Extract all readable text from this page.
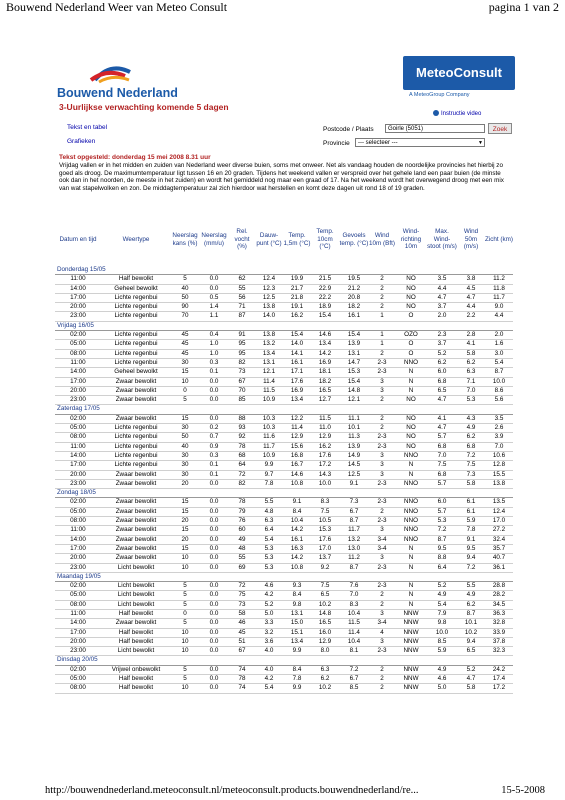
Bouwend Nederland Weer van Meteo Consult	pagina 1 van 2
Bouwend Nederland
MeteoConsult
A MeteoGroup Company
3-Uurlijkse verwachting komende 5 dagen
Tekst en tabel
Grafieken
Instructie video
Postcode / Plaats	Goirle (5051)	Zoek
Provincie	--- selecteer ---	▼
Tekst opgesteld: donderdag 15 mei 2008 8.31 uur
Vrijdag vallen er in het midden en zuiden van Nederland weer diverse buien, soms met onweer. Net als vandaag houden de noordelijke provincies het hierbij zo goed als droog. De maximumtemperatuur ligt tussen 16 en 20 graden. Tijdens het weekend vallen er verspreid over het gehele land een paar buien (de minste ook dan in het noorden, de meeste in het zuiden) en wordt het gemiddeld nog maar een graad of 17. Na het weekend wordt het overwegend droog met een mix van wat stapelwolken en zon. De middagtemperatuur zal zich hierdoor wat herstellen en komt deze dagen uit rond 18 of 19 graden.
Datum en tijd	Weertype	Neerslag kans (%)	Neerslag (mm/u)	Rel. vocht (%)	Dauw-punt (°C)	Temp. 1,5m (°C)	Temp. 10cm (°C)	Gevoels temp. (°C)	Wind 10m (Bft)	Wind-richting 10m	Max. Wind-stoot (m/s)	Wind 50m (m/s)	Zicht (km)
Donderdag 15/05													
11:00	Half bewolkt	5	0.0	62	12.4	19.9	21.5	19.5	2	NO	3.5	3.8	11.2
14:00	Geheel bewolkt	40	0.0	55	12.3	21.7	22.9	21.2	2	NO	4.4	4.5	11.8
17:00	Lichte regenbui	50	0.5	56	12.5	21.8	22.2	20.8	2	NO	4.7	4.7	11.7
20:00	Lichte regenbui	90	1.4	71	13.8	19.1	18.9	18.2	2	NO	3.7	4.4	9.0
23:00	Lichte regenbui	70	1.1	87	14.0	16.2	15.4	16.1	1	O	2.0	2.2	4.4
Vrijdag 16/05													
02:00	Lichte regenbui	45	0.4	91	13.8	15.4	14.6	15.4	1	OZO	2.3	2.8	2.0
05:00	Lichte regenbui	45	1.0	95	13.2	14.0	13.4	13.9	1	O	3.7	4.1	1.6
08:00	Lichte regenbui	45	1.0	95	13.4	14.1	14.2	13.1	2	O	5.2	5.8	3.0
11:00	Lichte regenbui	30	0.3	82	13.1	16.1	16.9	14.7	2-3	NNO	6.2	6.2	5.4
14:00	Geheel bewolkt	15	0.1	73	12.1	17.1	18.1	15.3	2-3	N	6.0	6.3	8.7
17:00	Zwaar bewolkt	10	0.0	67	11.4	17.6	18.2	15.4	3	N	6.8	7.1	10.0
20:00	Zwaar bewolkt	0	0.0	70	11.5	16.9	16.5	14.8	3	N	6.5	7.0	8.6
23:00	Zwaar bewolkt	5	0.0	85	10.9	13.4	12.7	12.1	2	NO	4.7	5.3	5.6
Zaterdag 17/05													
02:00	Zwaar bewolkt	15	0.0	88	10.3	12.2	11.5	11.1	2	NO	4.1	4.3	3.5
05:00	Lichte regenbui	30	0.2	93	10.3	11.4	11.0	10.1	2	NO	4.7	4.9	2.6
08:00	Lichte regenbui	50	0.7	92	11.6	12.9	12.9	11.3	2-3	NO	5.7	6.2	3.9
11:00	Lichte regenbui	40	0.9	78	11.7	15.6	16.2	13.9	2-3	NO	6.8	6.8	7.0
14:00	Lichte regenbui	30	0.3	68	10.9	16.8	17.6	14.9	3	NNO	7.0	7.2	10.6
17:00	Lichte regenbui	30	0.1	64	9.9	16.7	17.2	14.5	3	N	7.5	7.5	12.8
20:00	Zwaar bewolkt	30	0.1	72	9.7	14.6	14.3	12.5	3	N	6.8	7.3	15.5
23:00	Zwaar bewolkt	20	0.0	82	7.8	10.8	10.0	9.1	2-3	NNO	5.7	5.8	13.8
Zondag 18/05													
02:00	Zwaar bewolkt	15	0.0	78	5.5	9.1	8.3	7.3	2-3	NNO	6.0	6.1	13.5
05:00	Zwaar bewolkt	15	0.0	79	4.8	8.4	7.5	6.7	2	NNO	5.7	6.1	12.4
08:00	Zwaar bewolkt	20	0.0	76	6.3	10.4	10.5	8.7	2-3	NNO	5.3	5.9	17.0
11:00	Zwaar bewolkt	15	0.0	60	6.4	14.2	15.3	11.7	3	NNO	7.2	7.8	27.2
14:00	Zwaar bewolkt	20	0.0	49	5.4	16.1	17.6	13.2	3-4	NNO	8.7	9.1	32.4
17:00	Zwaar bewolkt	15	0.0	48	5.3	16.3	17.0	13.0	3-4	N	9.5	9.5	35.7
20:00	Zwaar bewolkt	10	0.0	55	5.3	14.2	13.7	11.2	3	N	8.8	9.4	40.7
23:00	Licht bewolkt	10	0.0	69	5.3	10.8	9.2	8.7	2-3	N	6.4	7.2	36.1
Maandag 19/05													
02:00	Licht bewolkt	5	0.0	72	4.6	9.3	7.5	7.6	2-3	N	5.2	5.5	28.8
05:00	Licht bewolkt	5	0.0	75	4.2	8.4	6.5	7.0	2	N	4.9	4.9	28.2
08:00	Licht bewolkt	5	0.0	73	5.2	9.8	10.2	8.3	2	N	5.4	6.2	34.5
11:00	Half bewolkt	0	0.0	58	5.0	13.1	14.8	10.4	3	NNW	7.9	8.7	36.3
14:00	Zwaar bewolkt	5	0.0	46	3.3	15.0	16.5	11.5	3-4	NNW	9.8	10.1	32.8
17:00	Half bewolkt	10	0.0	45	3.2	15.1	16.0	11.4	4	NNW	10.0	10.2	33.9
20:00	Half bewolkt	10	0.0	51	3.6	13.4	12.9	10.4	3	NNW	8.5	9.4	37.8
23:00	Licht bewolkt	10	0.0	67	4.0	9.9	8.0	8.1	2-3	NNW	5.9	6.5	32.3
Dinsdag 20/05													
02:00	Vrijwel onbewolkt	5	0.0	74	4.0	8.4	6.3	7.2	2	NNW	4.9	5.2	24.2
05:00	Half bewolkt	5	0.0	78	4.2	7.8	6.2	6.7	2	NNW	4.6	4.7	17.4
08:00	Half bewolkt	10	0.0	74	5.4	9.9	10.2	8.5	2	NNW	5.0	5.8	17.2
http://bouwendnederland.meteoconsult.nl/meteoconsult.products.bouwendnederland/re...	15-5-2008
